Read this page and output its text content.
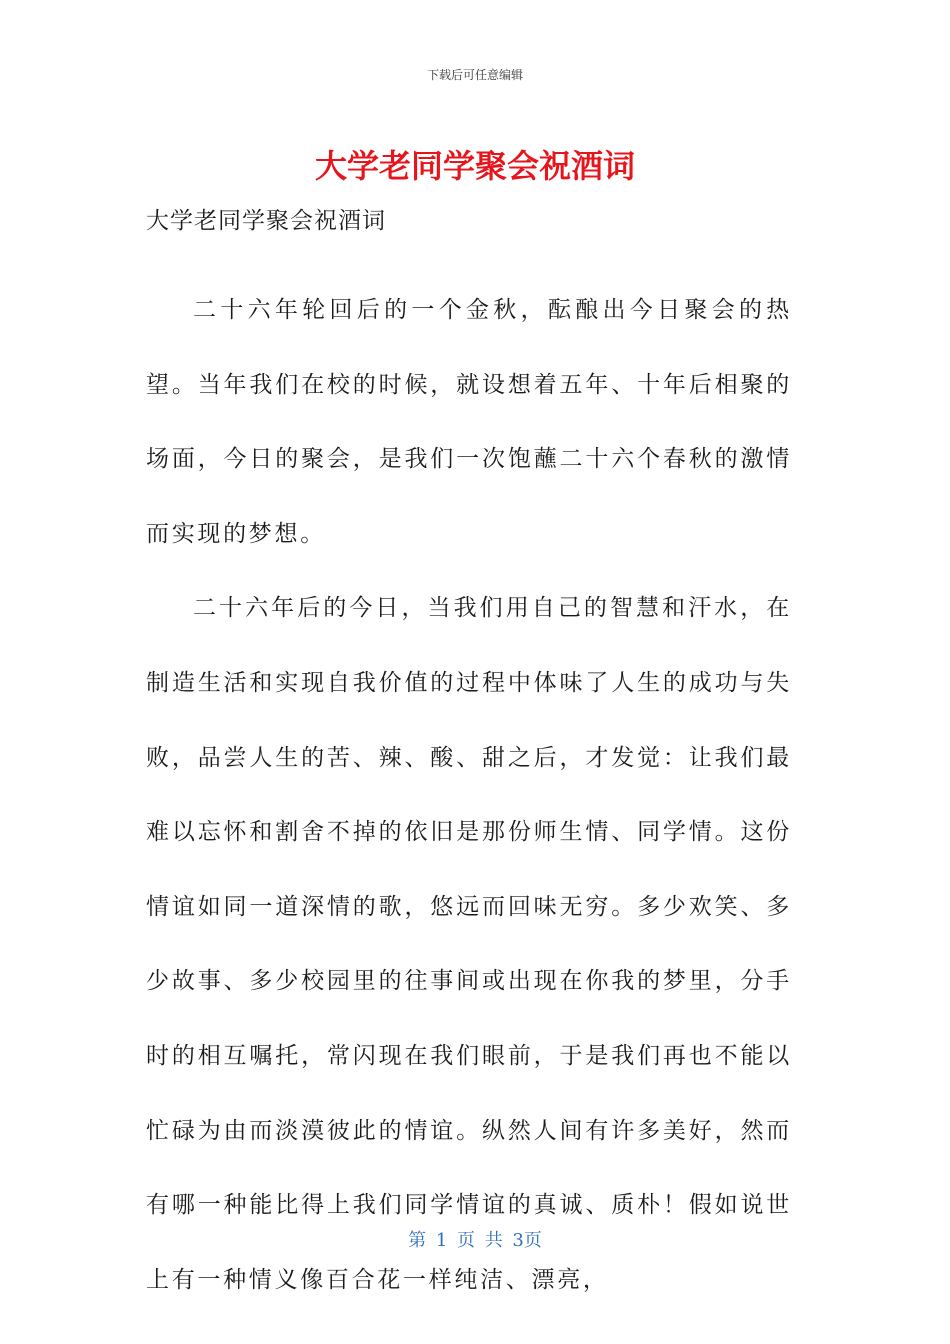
下载后可任意编辑
大学老同学聚会祝酒词
大学老同学聚会祝酒词

二十六年轮回后的一个金秋，酝酿出今日聚会的热望。当年我们在校的时候，就设想着五年、十年后相聚的场面，今日的聚会，是我们一次饱蘸二十六个春秋的激情而实现的梦想。

二十六年后的今日，当我们用自己的智慧和汗水，在制造生活和实现自我价值的过程中体味了人生的成功与失败，品尝人生的苦、辣、酸、甜之后，才发觉：让我们最难以忘怀和割舍不掉的依旧是那份师生情、同学情。这份情谊如同一道深情的歌，悠远而回味无穷。多少欢笑、多少故事、多少校园里的往事间或出现在你我的梦里，分手时的相互嘱托，常闪现在我们眼前，于是我们再也不能以忙碌为由而淡漠彼此的情谊。纵然人间有许多美好，然而有哪一种能比得上我们同学情谊的真诚、质朴！假如说世上有一种情义像百合花一样纯洁、漂亮，

第 1 页 共 3页
